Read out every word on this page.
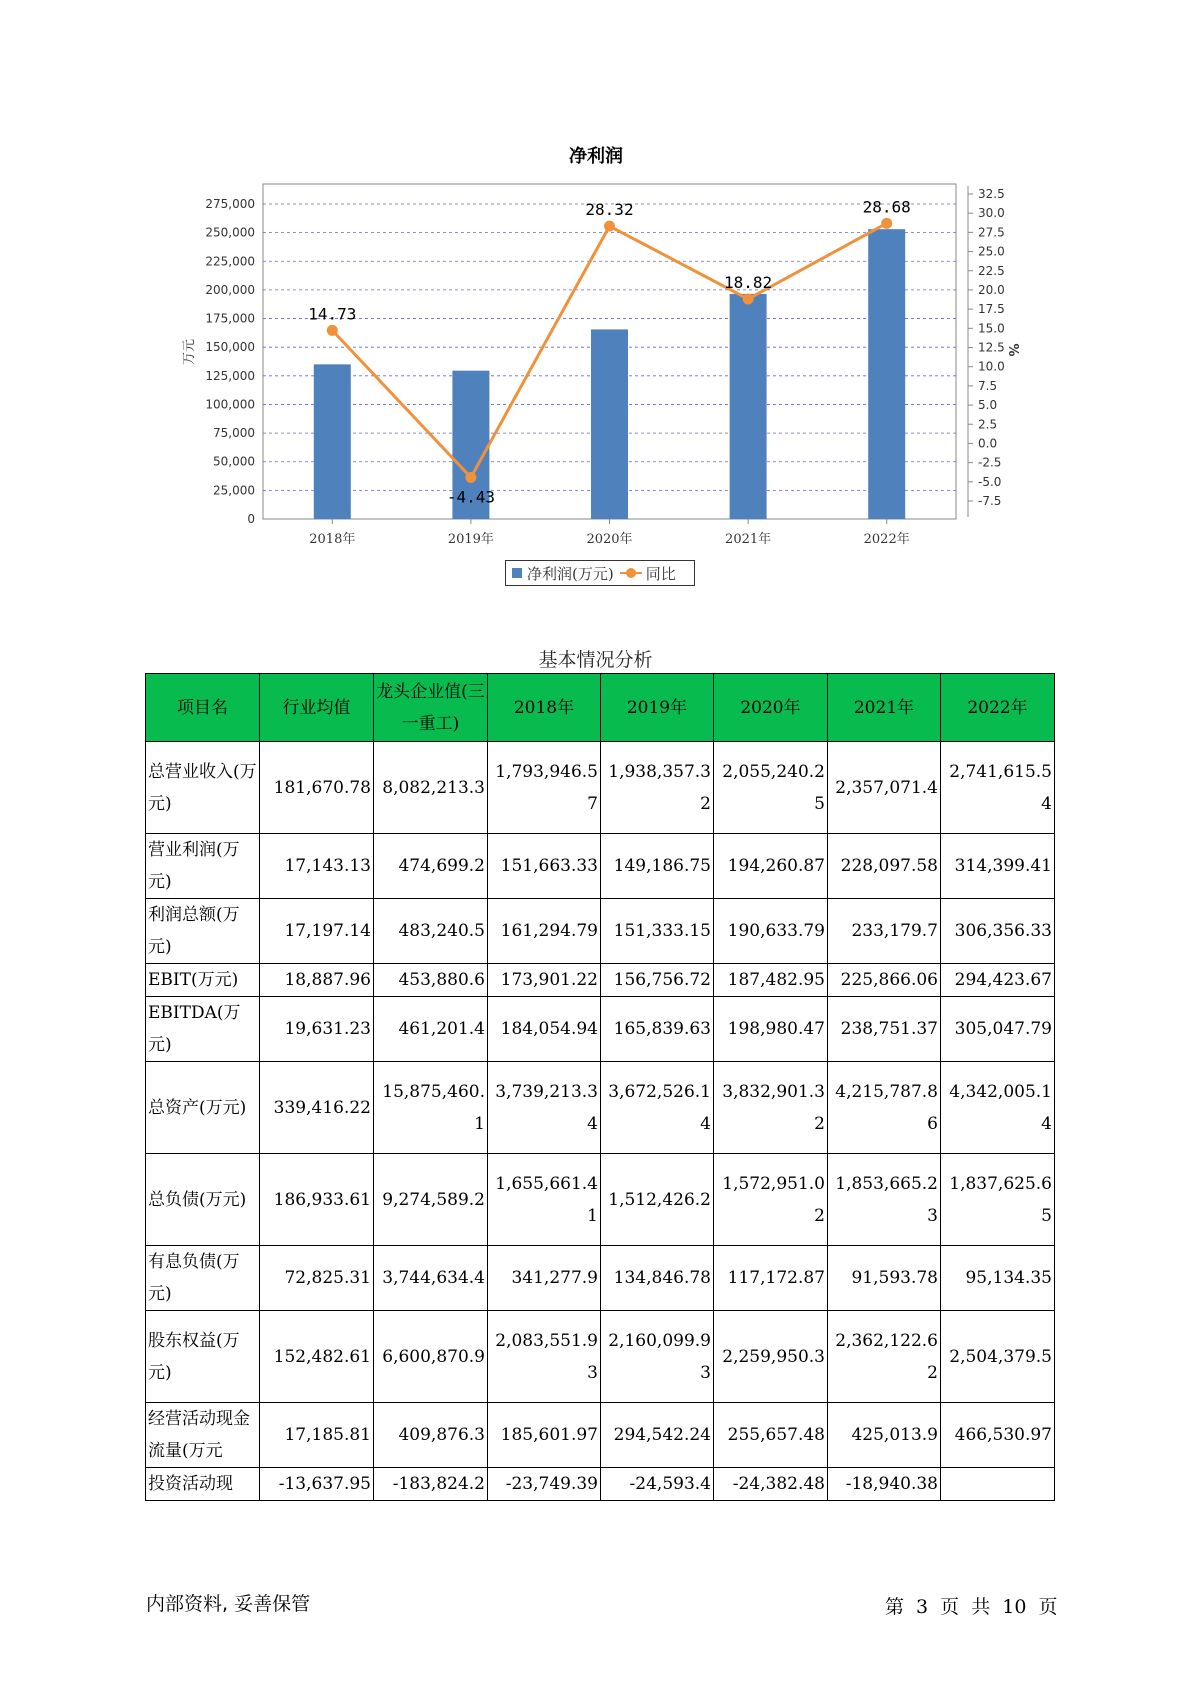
净利润
0
25,000
50,000
75,000
100,000
125,000
150,000
175,000
200,000
225,000
250,000
275,000
-7.5
-5.0
-2.5
0.0
2.5
5.0
7.5
10.0
12.5
15.0
17.5
20.0
22.5
25.0
27.5
30.0
32.5
万元	%
2018年	2019年	2020年	2021年	2022年
14.73
-4.43
28.32
18.82
28.68
净利润(万元) 同比
基本情况分析
项目名	行业均值	龙头企业值(三一重工)	2018年	2019年	2020年	2021年	2022年
总营业收入(万元)	181,670.78	8,082,213.3	1,793,946.57	1,938,357.32	2,055,240.25	2,357,071.4	2,741,615.54
营业利润(万元)	17,143.13	474,699.2	151,663.33	149,186.75	194,260.87	228,097.58	314,399.41
利润总额(万元)	17,197.14	483,240.5	161,294.79	151,333.15	190,633.79	233,179.7	306,356.33
EBIT(万元)	18,887.96	453,880.6	173,901.22	156,756.72	187,482.95	225,866.06	294,423.67
EBITDA(万元)	19,631.23	461,201.4	184,054.94	165,839.63	198,980.47	238,751.37	305,047.79
总资产(万元)	339,416.22	15,875,460.1	3,739,213.34	3,672,526.14	3,832,901.32	4,215,787.86	4,342,005.14
总负债(万元)	186,933.61	9,274,589.2	1,655,661.41	1,512,426.2	1,572,951.02	1,853,665.23	1,837,625.65
有息负债(万元)	72,825.31	3,744,634.4	341,277.9	134,846.78	117,172.87	91,593.78	95,134.35
股东权益(万元)	152,482.61	6,600,870.9	2,083,551.93	2,160,099.93	2,259,950.3	2,362,122.62	2,504,379.5
经营活动现金流量(万元	17,185.81	409,876.3	185,601.97	294,542.24	255,657.48	425,013.9	466,530.97
投资活动现	-13,637.95	-183,824.2	-23,749.39	-24,593.4	-24,382.48	-18,940.38	
内部资料, 妥善保管	第 3 页 共 10 页
